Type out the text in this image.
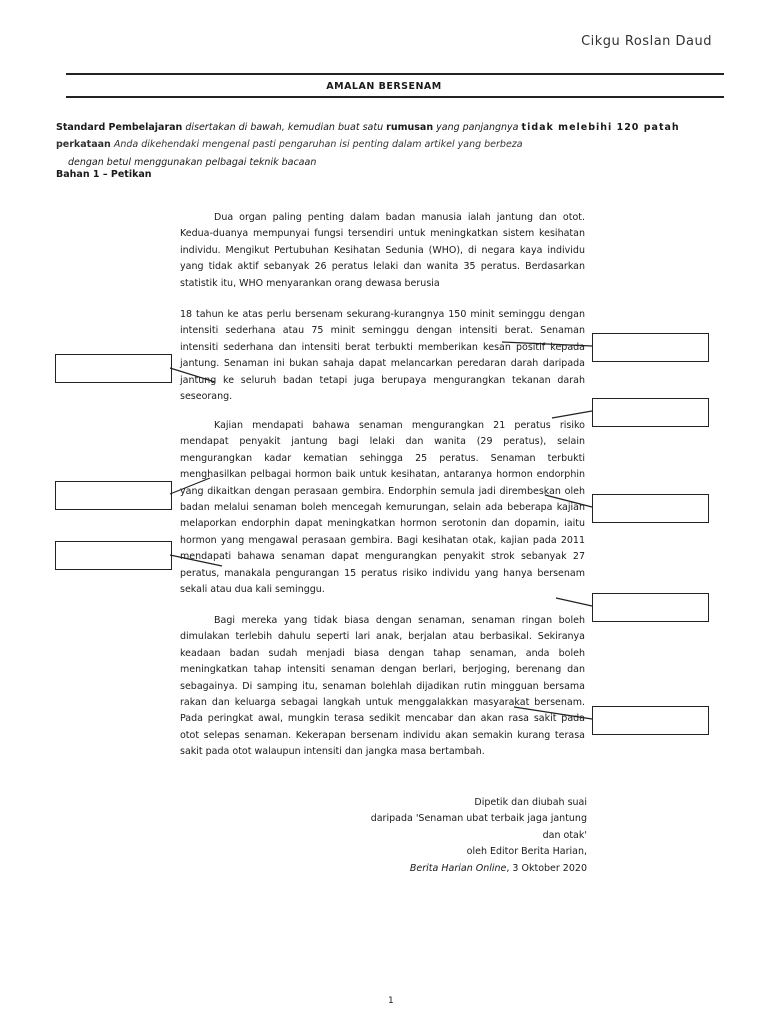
Cikgu Roslan Daud
AMALAN BERSENAM
Standard Pembelajaran disertakan di bawah, kemudian buat satu rumusan yang panjangnya tidak melebihi 120 patah
perkataan Anda dikehendaki mengenal pasti pengaruhan isi penting dalam artikel yang berbeza
dengan betul menggunakan pelbagai teknik bacaan
Bahan 1 – Petikan

Dua organ paling penting dalam badan manusia ialah jantung dan otot. Kedua-duanya mempunyai fungsi tersendiri untuk meningkatkan sistem kesihatan individu. Mengikut Pertubuhan Kesihatan Sedunia (WHO), di negara kaya individu yang tidak aktif sebanyak 26 peratus lelaki dan wanita 35 peratus. Berdasarkan statistik itu, WHO menyarankan orang dewasa berusia

18 tahun ke atas perlu bersenam sekurang-kurangnya 150 minit seminggu dengan intensiti sederhana atau 75 minit seminggu dengan intensiti berat. Senaman intensiti sederhana dan intensiti berat terbukti memberikan kesan positif kepada jantung. Senaman ini bukan sahaja dapat melancarkan peredaran darah daripada jantung ke seluruh badan tetapi juga berupaya mengurangkan tekanan darah seseorang.

Kajian mendapati bahawa senaman mengurangkan 21 peratus risiko mendapat penyakit jantung bagi lelaki dan wanita (29 peratus), selain mengurangkan kadar kematian sehingga 25 peratus. Senaman terbukti menghasilkan pelbagai hormon baik untuk kesihatan, antaranya hormon endorphin yang dikaitkan dengan perasaan gembira. Endorphin semula jadi dirembeskan oleh badan melalui senaman boleh mencegah kemurungan, selain ada beberapa kajian melaporkan endorphin dapat meningkatkan hormon serotonin dan dopamin, iaitu hormon yang mengawal perasaan gembira. Bagi kesihatan otak, kajian pada 2011 mendapati bahawa senaman dapat mengurangkan penyakit strok sebanyak 27 peratus, manakala pengurangan 15 peratus risiko individu yang hanya bersenam sekali atau dua kali seminggu.

Bagi mereka yang tidak biasa dengan senaman, senaman ringan boleh dimulakan terlebih dahulu seperti lari anak, berjalan atau berbasikal. Sekiranya keadaan badan sudah menjadi biasa dengan tahap senaman, anda boleh meningkatkan tahap intensiti senaman dengan berlari, berjoging, berenang dan sebagainya. Di samping itu, senaman bolehlah dijadikan rutin mingguan bersama rakan dan keluarga sebagai langkah untuk menggalakkan masyarakat bersenam. Pada peringkat awal, mungkin terasa sedikit mencabar dan akan rasa sakit pada otot selepas senaman. Kekerapan bersenam individu akan semakin kurang terasa sakit pada otot walaupun intensiti dan jangka masa bertambah.

Dipetik dan diubah suai
daripada 'Senaman ubat terbaik jaga jantung
dan otak'
oleh Editor Berita Harian,
Berita Harian Online, 3 Oktober 2020
1
